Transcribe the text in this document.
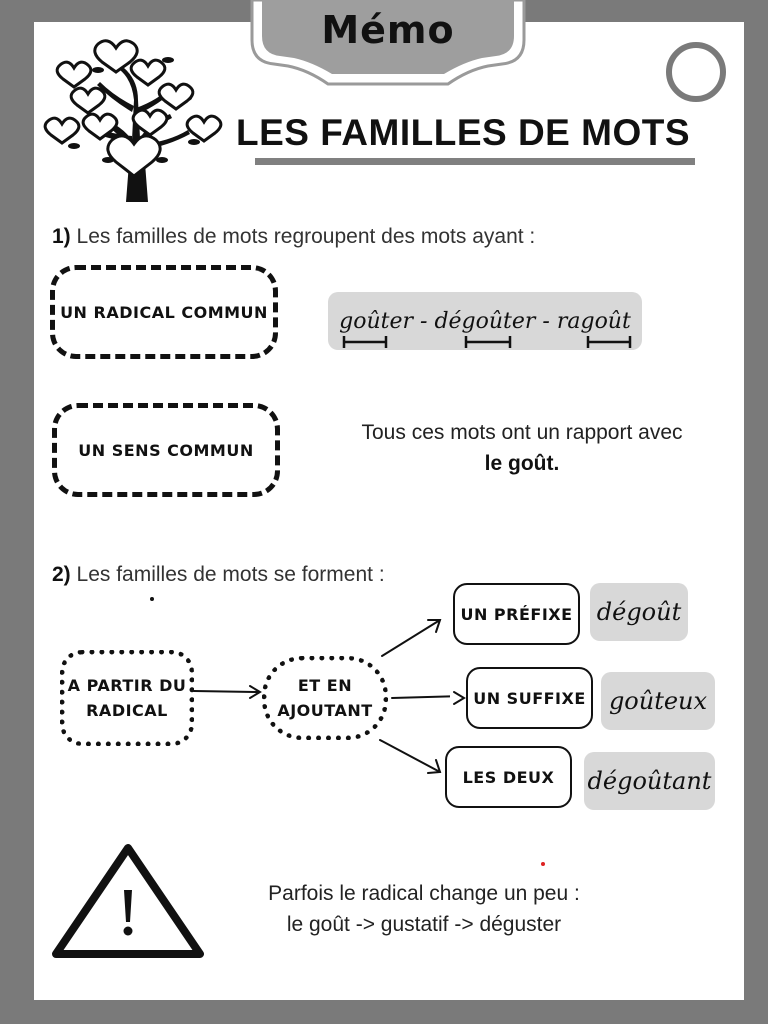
Mémo
LES FAMILLES DE MOTS
1) Les familles de mots regroupent des mots ayant :
UN RADICAL COMMUN	goûter - dégoûter - ragoût
UN SENS COMMUN
Tous ces mots ont un rapport avec
le goût.
2) Les familles de mots se forment :
A PARTIR DU
RADICAL
ET EN
AJOUTANT
UN PRÉFIXE	dégoût
UN SUFFIXE goûteux
LES DEUX	dégoûtant
Parfois le radical change un peu :
le goût -> gustatif -> déguster
